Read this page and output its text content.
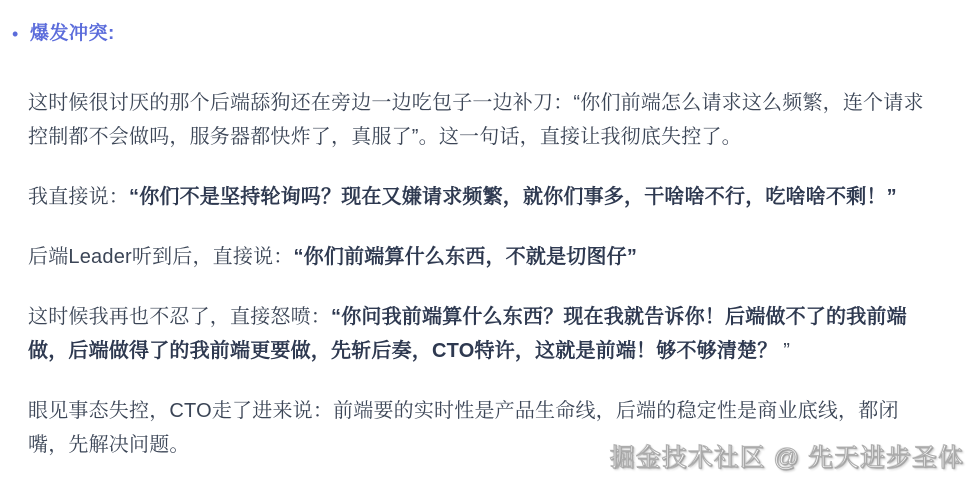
• 爆发冲突:

这时候很讨厌的那个后端舔狗还在旁边一边吃包子一边补刀：“你们前端怎么请求这么频繁，连个请求控制都不会做吗，服务器都快炸了，真服了”。这一句话，直接让我彻底失控了。

我直接说：“你们不是坚持轮询吗？现在又嫌请求频繁，就你们事多，干啥啥不行，吃啥啥不剩！”

后端Leader听到后，直接说：“你们前端算什么东西，不就是切图仔”

这时候我再也不忍了，直接怒喷：“你问我前端算什么东西？现在我就告诉你！后端做不了的我前端做，后端做得了的我前端更要做，先斩后奏，CTO特许，这就是前端！够不够清楚？ ”

眼见事态失控，CTO走了进来说：前端要的实时性是产品生命线，后端的稳定性是商业底线，都闭嘴，先解决问题。	掘金技术社区 @ 先天进步圣体
